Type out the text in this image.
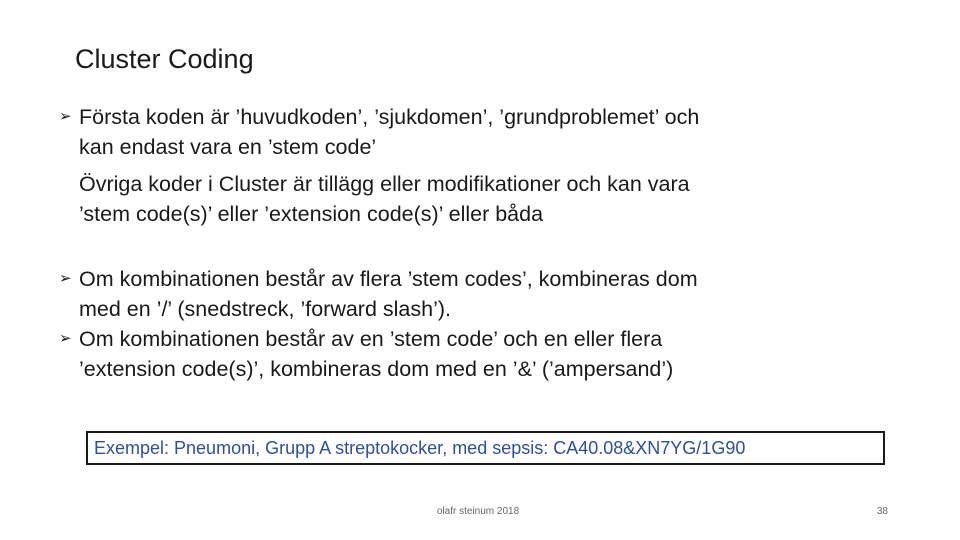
Cluster Coding
➢ Första koden är ’huvudkoden’, ’sjukdomen’, ’grundproblemet’ och
kan endast vara en ’stem code’
Övriga koder i Cluster är tillägg eller modifikationer och kan vara
’stem code(s)’ eller ’extension code(s)’ eller båda
➢ Om kombinationen består av flera ’stem codes’, kombineras dom
med en ’/’ (snedstreck, ’forward slash’).
➢ Om kombinationen består av en ’stem code’ och en eller flera
’extension code(s)’, kombineras dom med en ’&’ (’ampersand’)
Exempel: Pneumoni, Grupp A streptokocker, med sepsis: CA40.08&XN7YG/1G90
olafr steinum 2018	38
